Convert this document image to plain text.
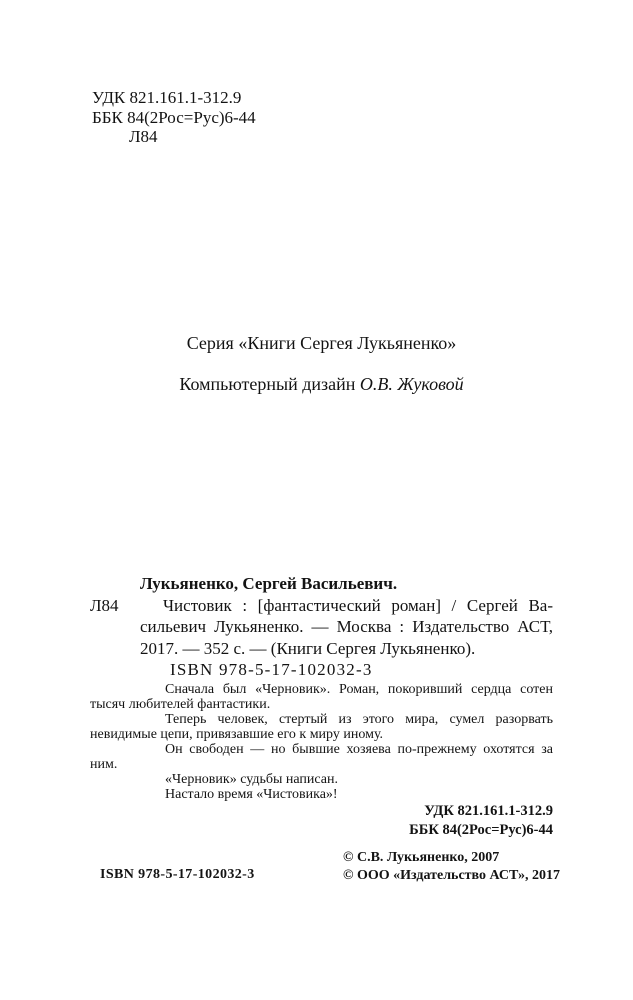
УДК 821.161.1-312.9
ББК 84(2Рос=Рус)6-44
Л84
Серия «Книги Сергея Лукьяненко»
Компьютерный дизайн О.В. Жуковой
Лукьяненко, Сергей Васильевич.
Л84	Чистовик : [фантастический роман] / Сергей Ва-
сильевич Лукьяненко. — Москва : Издательство АСТ,
2017. — 352 с. — (Книги Сергея Лукьяненко).
ISBN 978-5-17-102032-3
Сначала был «Черновик». Роман, покоривший сердца сотен
тысяч любителей фантастики.
Теперь человек, стертый из этого мира, сумел разорвать
невидимые цепи, привязавшие его к миру иному.
Он свободен — но бывшие хозяева по-прежнему охотятся за
ним.
«Черновик» судьбы написан.
Настало время «Чистовика»!
УДК 821.161.1-312.9
ББК 84(2Рос=Рус)6-44
© С.В. Лукьяненко, 2007
© ООО «Издательство АСТ», 2017
ISBN 978-5-17-102032-3
